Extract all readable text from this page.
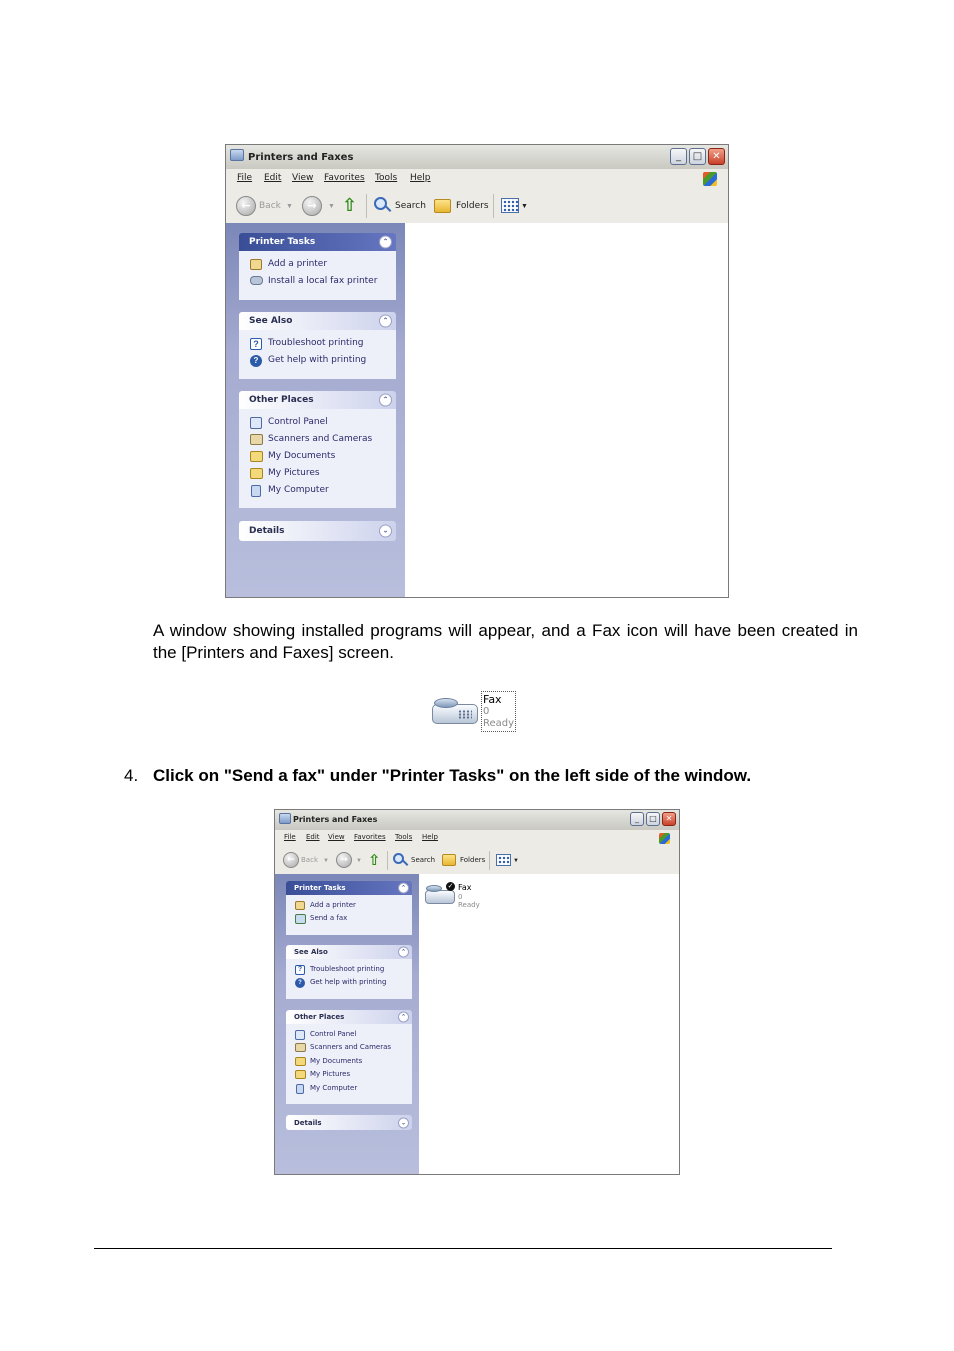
Printers and Faxes	_	□	✕
File Edit View Favorites Tools Help
← Back ▼	→	▼ ⇧	Search	Folders	▼
Printer Tasks	⌃
Add a printer
Install a local fax printer
See Also	⌃
?	Troubleshoot printing
?	Get help with printing
Other Places	⌃
Control Panel
Scanners and Cameras
My Documents
My Pictures
My Computer
Details	⌄
A window showing installed programs will appear, and a Fax icon will have been created in the [Printers and Faxes] screen.
Fax
0
Ready
4. Click on "Send a fax" under "Printer Tasks" on the left side of the window.
Printers and Faxes	_	□	✕
File Edit View Favorites Tools Help
← Back ▼	→	▼ ⇧	Search	Folders	▼
Printer Tasks	⌃
Add a printer
Send a fax
See Also	⌃
?	Troubleshoot printing
?	Get help with printing
Other Places	⌃
Control Panel
Scanners and Cameras
My Documents
My Pictures
My Computer
Details	⌄
✓ Fax
0
Ready
